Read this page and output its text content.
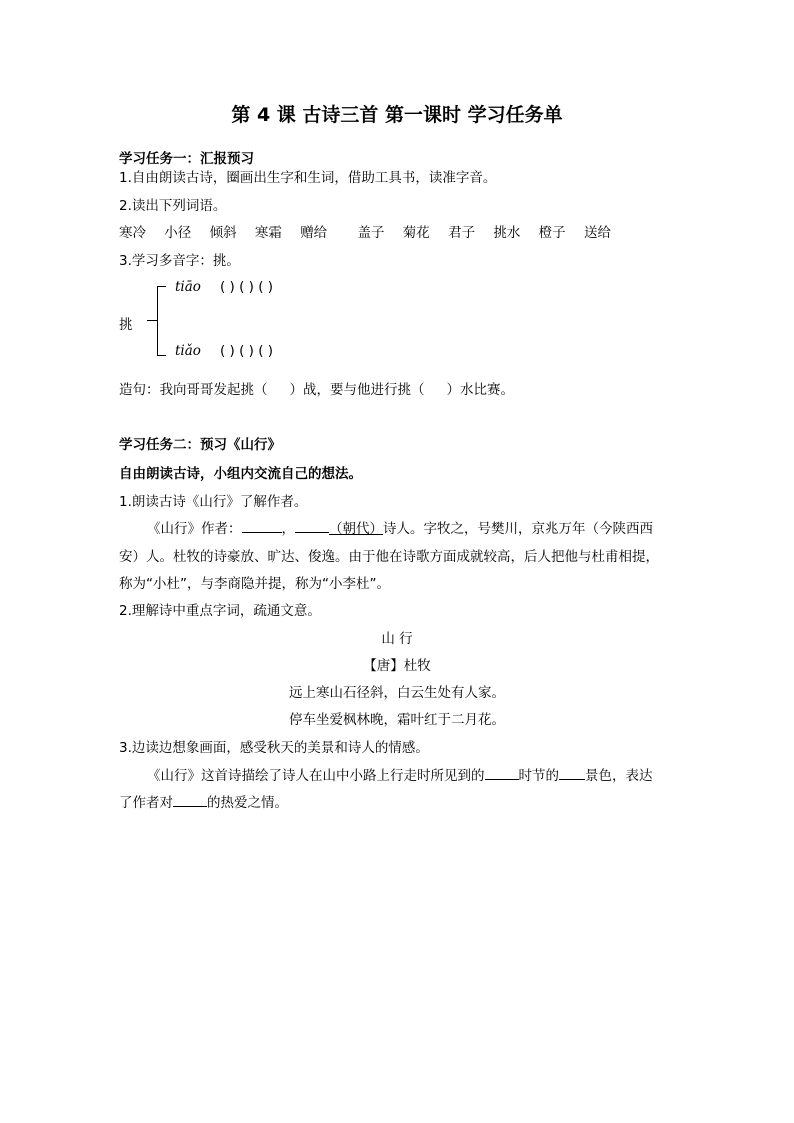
第 4 课 古诗三首 第一课时 学习任务单
学习任务一：汇报预习
1.自由朗读古诗，圈画出生字和生词，借助工具书，读准字音。
2.读出下列词语。
寒冷 小径 倾斜 寒霜 赠给 盖子 菊花 君子 挑水 橙子 送给
3.学习多音字：挑。
挑
tiāo ( ) ( ) ( )
tiǎo ( ) ( ) ( )
造句：我向哥哥发起挑（ ）战，要与他进行挑（ ）水比赛。
学习任务二：预习《山行》
自由朗读古诗，小组内交流自己的想法。
1.朗读古诗《山行》了解作者。
《山行》作者：	，	（朝代）诗人。字牧之，号樊川，京兆万年（今陕西西
安）人。杜牧的诗豪放、旷达、俊逸。由于他在诗歌方面成就较高，后人把他与杜甫相提，
称为“小杜”，与李商隐并提，称为“小李杜”。
2.理解诗中重点字词，疏通文意。
山 行
【唐】杜牧
远上寒山石径斜，白云生处有人家。
停车坐爱枫林晚，霜叶红于二月花。
3.边读边想象画面，感受秋天的美景和诗人的情感。
《山行》这首诗描绘了诗人在山中小路上行走时所见到的	时节的 景色，表达
了作者对	的热爱之情。
